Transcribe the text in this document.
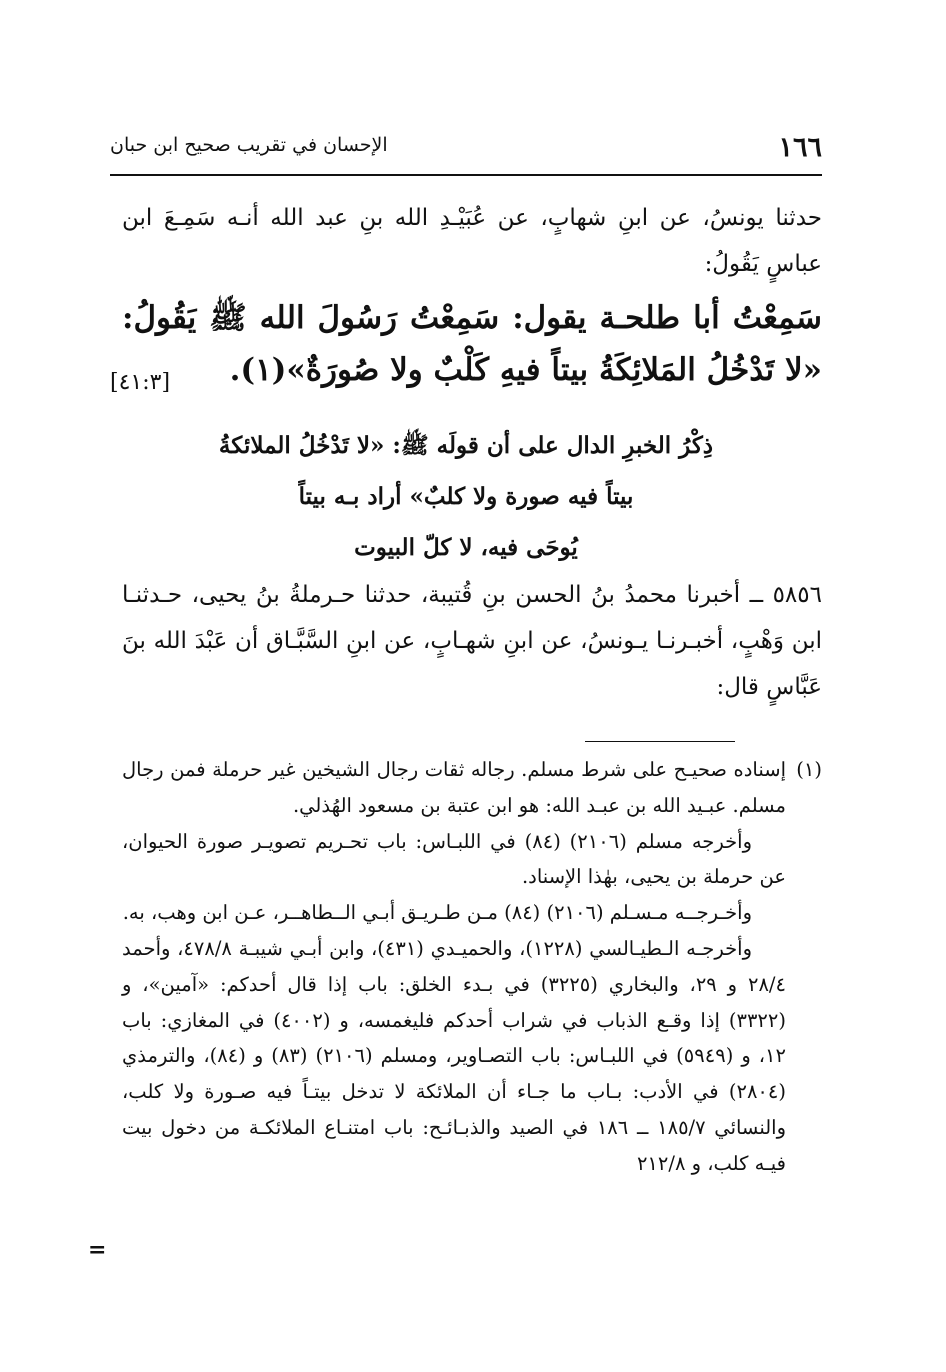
١٦٦
الإحسان في تقريب صحيح ابن حبان

حدثنا يونسُ، عن ابنِ شهابٍ، عن عُبَيْـدِ الله بنِ عبد الله أنـه سَمِـعَ ابن عباسٍ يَقُولُ:

سَمِعْتُ أبا طلحـة يقول: سَمِعْتُ رَسُولَ الله ﷺ يَقُولُ: «لا تَدْخُلُ المَلائِكَةُ بيتاً فيهِ كَلْبٌ ولا صُورَةٌ»(١).

[٤١:٣]
ذِكْرُ الخبرِ الدال على أن قولَه ﷺ: «لا تَدْخُلُ الملائكةُ
بيتاً فيه صورة ولا كلبٌ» أراد بـه بيتاً
يُوحَى فيه، لا كلّ البيوت

٥٨٥٦ ــ أخبرنا محمدُ بنُ الحسن بنِ قُتيبة، حدثنا حـرملةُ بنُ يحيى، حـدثنـا ابن وَهْبٍ، أخبـرنـا يـونسُ، عن ابنِ شهـابٍ، عن ابنِ السَّبَّـاق أن عَبْدَ الله بنَ عَبَّاسٍ قال:

(١)

إسناده صحيـح على شرط مسلم. رجاله ثقات رجال الشيخين غير حرملة فمن رجال مسلم. عبـيد الله بن عبـد الله: هو ابن عتبة بن مسعود الهُذلي.

وأخرجه مسلم (٢١٠٦) (٨٤) في اللبـاس: باب تحـريم تصويـر صورة الحيوان، عن حرملة بن يحيى، بهٰذا الإسناد.

وأخـرجــه مـسـلم (٢١٠٦) (٨٤) مـن طـريـق أبـي الــطاهــر، عـن ابن وهب، به.

وأخرجـه الـطيـالسي (١٢٢٨)، والحميـدي (٤٣١)، وابن أبـي شيبـة ٤٧٨/٨، وأحمد ٢٨/٤ و ٢٩، والبخاري (٣٢٢٥) في بـدء الخلق: باب إذا قال أحدكم: «آمين»، و (٣٣٢٢) إذا وقـع الذباب في شراب أحدكم فليغمسه، و (٤٠٠٢) في المغازي: باب ١٢، و (٥٩٤٩) في اللبـاس: باب التصـاوير، ومسلم (٢١٠٦) (٨٣) و (٨٤)، والترمذي (٢٨٠٤) في الأدب: بـاب ما جـاء أن الملائكة لا تدخل بيتـاً فيه صـورة ولا كلب، والنسائي ١٨٥/٧ ــ ١٨٦ في الصيد والذبـائـح: باب امتنـاع الملائكـة من دخول بيت فيـه كلب، و ٢١٢/٨

=
